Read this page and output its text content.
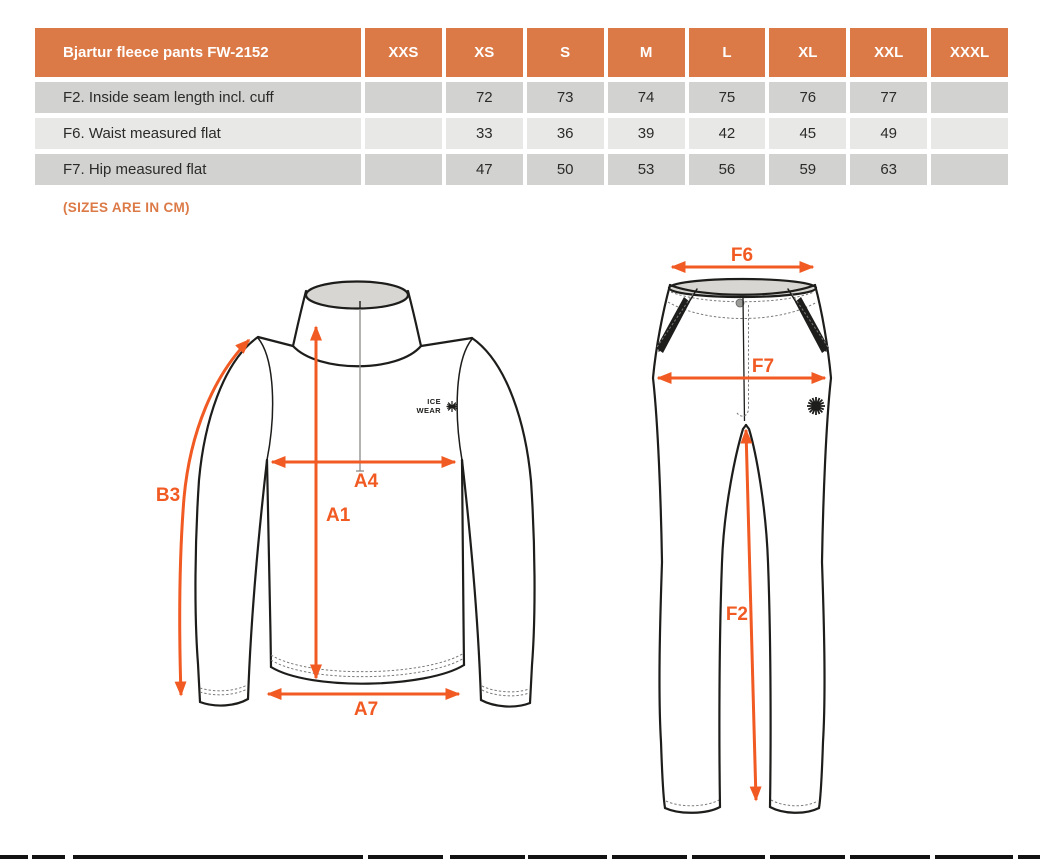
Bjartur fleece pants FW-2152	XXS	XS	S	M	L	XL	XXL	XXXL
F2. Inside seam length incl. cuff		72	73	74	75	76	77	
F6. Waist measured flat		33	36	39	42	45	49	
F7. Hip measured flat		47	50	53	56	59	63	
(SIZES ARE IN CM)
ICE
WEAR
B3
A4
A1
A7
F6
F7
F2
